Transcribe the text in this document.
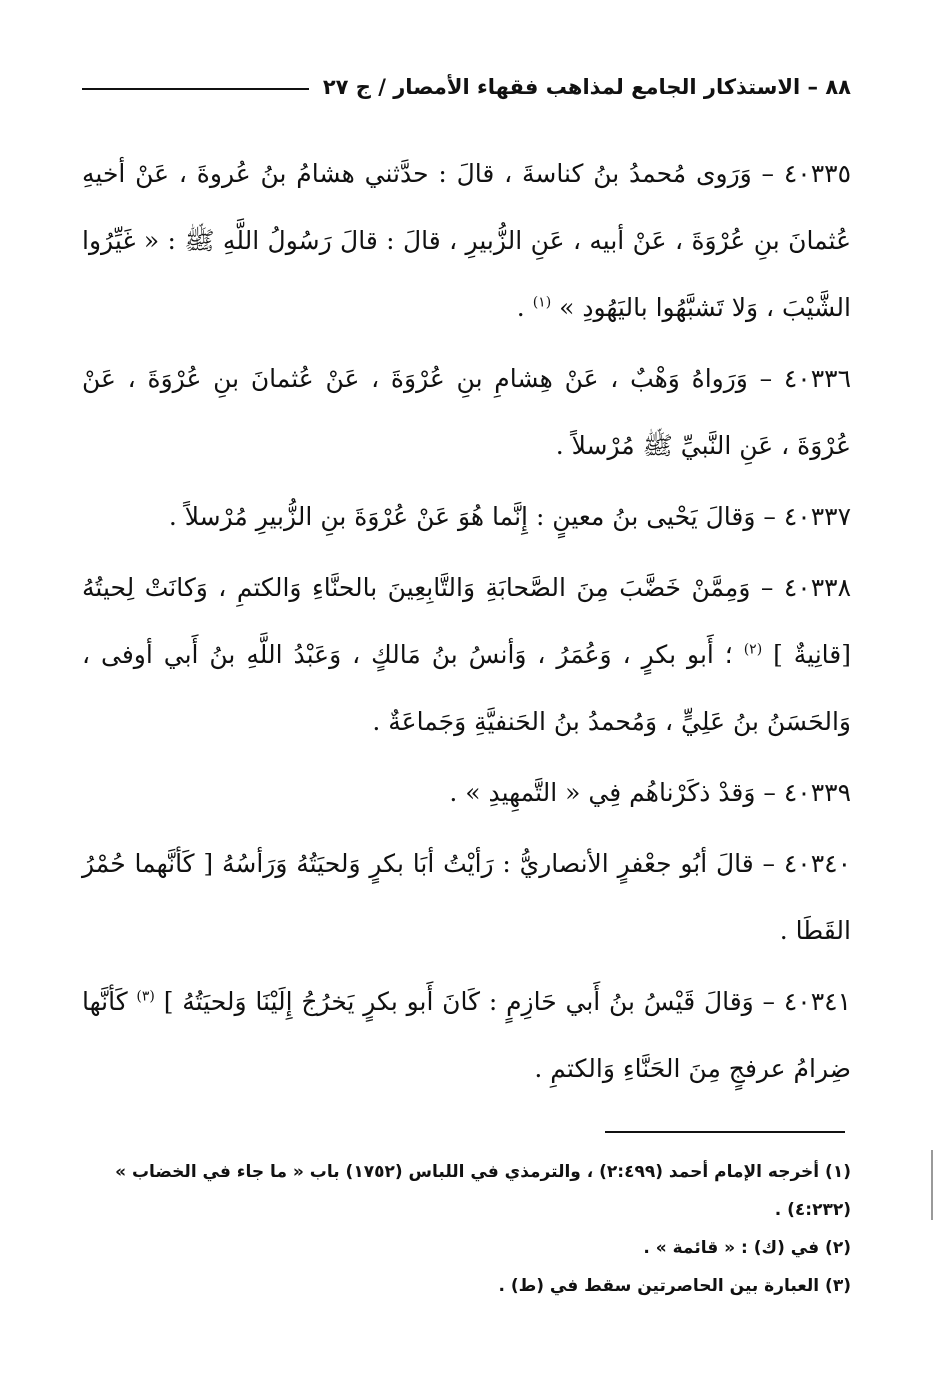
٨٨ – الاستذكار الجامع لمذاهب فقهاء الأمصار / ج ٢٧

٤٠٣٣٥ – وَرَوى مُحمدُ بنُ كناسةَ ، قالَ : حدَّثني هشامُ بنُ عُروةَ ، عَنْ أخيهِ عُثمانَ بنِ عُرْوَةَ ، عَنْ أبيه ، عَنِ الزُّبيرِ ، قالَ : قالَ رَسُولُ اللَّهِ ﷺ : « غَيِّرُوا الشَّيْبَ ، وَلا تَشبَّهُوا باليَهُودِ » $^{(١)}$ .

٤٠٣٣٦ – وَرَواهُ وَهْبٌ ، عَنْ هِشامِ بنِ عُرْوَةَ ، عَنْ عُثمانَ بنِ عُرْوَةَ ، عَنْ عُرْوَةَ ، عَنِ النَّبيِّ ﷺ مُرْسلاً .

٤٠٣٣٧ – وَقالَ يَحْيى بنُ معينٍ : إِنَّما هُوَ عَنْ عُرْوَةَ بنِ الزُّبيرِ مُرْسلاً .

٤٠٣٣٨ – وَمِمَّنْ خَضَّبَ مِنَ الصَّحابَةِ وَالتَّابِعِينَ بالحنَّاءِ وَالكتمِ ، وَكانَتْ لِحيتُهُ [قانِيةٌ ] $^{(٢)}$ ؛ أَبو بكرٍ ، وَعُمَرُ ، وَأنسُ بنُ مَالكٍ ، وَعَبْدُ اللَّهِ بنُ أَبي أوفى ، وَالحَسَنُ بنُ عَلِيٍّ ، وَمُحمدُ بنُ الحَنفيَّةِ وَجَماعَةٌ .

٤٠٣٣٩ – وَقدْ ذكَرْناهُم فِي « التَّمهِيدِ » .

٤٠٣٤٠ – قالَ أبُو جعْفرٍ الأنصاريُّ : رَأيْتُ أبَا بكرٍ وَلحيَتُهُ وَرَأسُهُ [ كَأنَّهما حُمْرُ القَطَا .

٤٠٣٤١ – وَقالَ قَيْسُ بنُ أَبي حَازِمٍ : كَانَ أَبو بكرٍ يَخرُجُ إِلَيْنَا وَلحيَتُهُ ] $^{(٣)}$ كَأنَّها ضِرامُ عرفجٍ مِنَ الحَنَّاءِ وَالكتمِ .

(١) أخرجه الإمام أحمد (٢:٤٩٩) ، والترمذي في اللباس (١٧٥٢) باب « ما جاء في الخضاب » (٤:٢٣٢) .

(٢) في (ك) : « قائمة » .

(٣) العبارة بين الحاصرتين سقط في (ط) .
